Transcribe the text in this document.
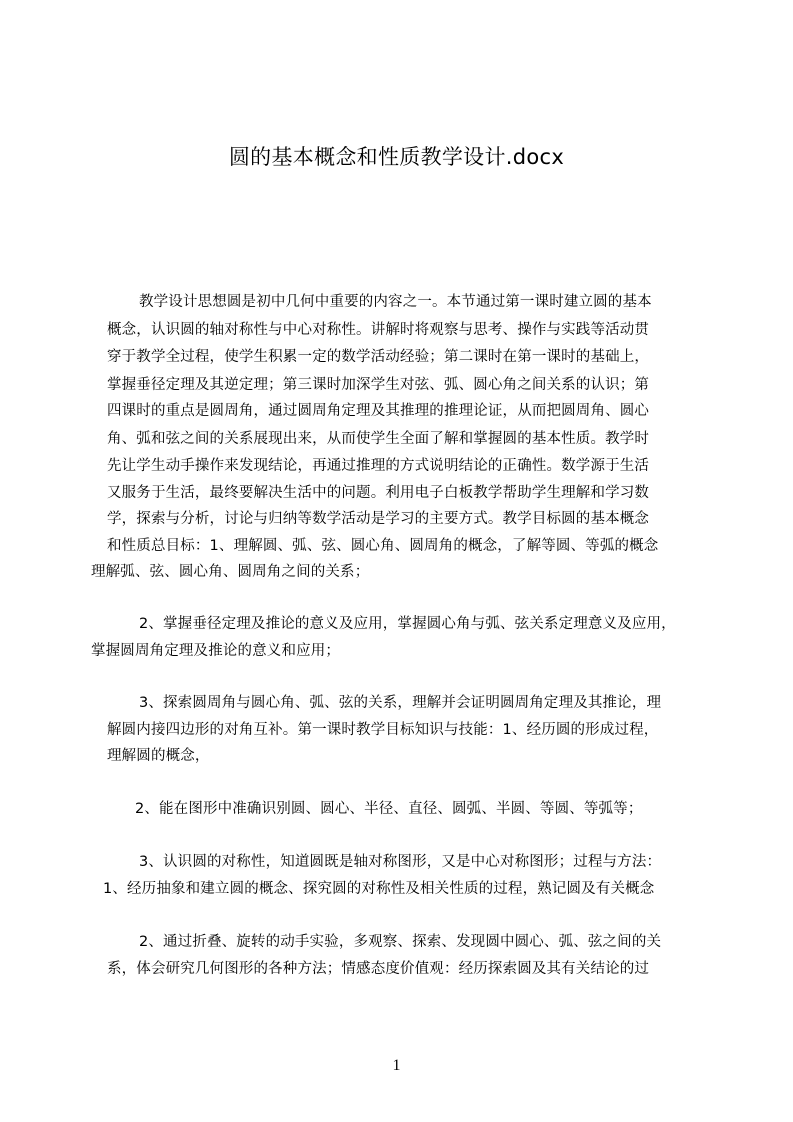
圆的基本概念和性质教学设计.docx
教学设计思想圆是初中几何中重要的内容之一。本节通过第一课时建立圆的基本
概念，认识圆的轴对称性与中心对称性。讲解时将观察与思考、操作与实践等活动贯
穿于教学全过程，使学生积累一定的数学活动经验；第二课时在第一课时的基础上，
掌握垂径定理及其逆定理；第三课时加深学生对弦、弧、圆心角之间关系的认识；第
四课时的重点是圆周角，通过圆周角定理及其推理的推理论证，从而把圆周角、圆心
角、弧和弦之间的关系展现出来，从而使学生全面了解和掌握圆的基本性质。教学时
先让学生动手操作来发现结论，再通过推理的方式说明结论的正确性。数学源于生活
又服务于生活，最终要解决生活中的问题。利用电子白板教学帮助学生理解和学习数
学，探索与分析，讨论与归纳等数学活动是学习的主要方式。教学目标圆的基本概念
和性质总目标：1、理解圆、弧、弦、圆心角、圆周角的概念，了解等圆、等弧的概念
理解弧、弦、圆心角、圆周角之间的关系；
2、掌握垂径定理及推论的意义及应用，掌握圆心角与弧、弦关系定理意义及应用，
掌握圆周角定理及推论的意义和应用；
3、探索圆周角与圆心角、弧、弦的关系，理解并会证明圆周角定理及其推论，理
解圆内接四边形的对角互补。第一课时教学目标知识与技能：1、经历圆的形成过程，
理解圆的概念，
2、能在图形中准确识别圆、圆心、半径、直径、圆弧、半圆、等圆、等弧等；
3、认识圆的对称性，知道圆既是轴对称图形，又是中心对称图形；过程与方法：
1、经历抽象和建立圆的概念、探究圆的对称性及相关性质的过程，熟记圆及有关概念
2、通过折叠、旋转的动手实验，多观察、探索、发现圆中圆心、弧、弦之间的关
系，体会研究几何图形的各种方法；情感态度价值观：经历探索圆及其有关结论的过
1
